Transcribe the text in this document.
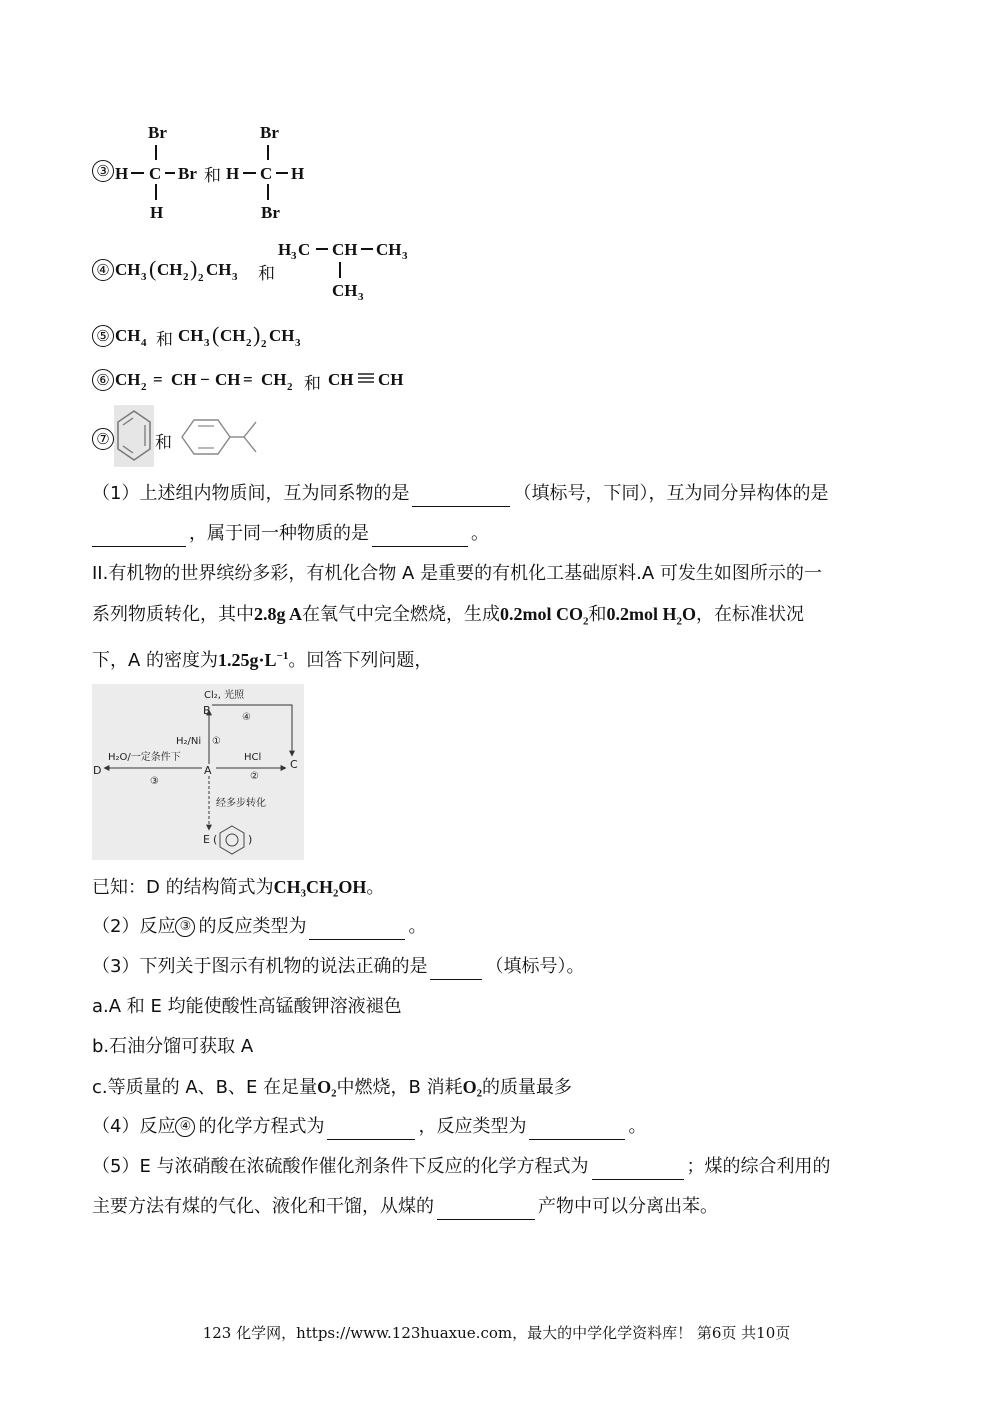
③
Br
H C Br
H
Br
H C H
Br
和
④ CH 3 ( CH 2 ) 2 CH 3 和
H 3 C CH CH 3
CH 3
⑤ CH 4 和 CH 3 ( CH 2 ) 2 CH 3
⑥ CH 2 = CH − CH = CH 2 和 CH CH
⑦	和
（1）上述组内物质间，互为同系物的是	（填标号，下同），互为同分异构体的是
，属于同一种物质的是	。
II.有机物的世界缤纷多彩，有机化合物 A 是重要的有机化工基础原料.A 可发生如图所示的一
系列物质转化，其中2.8g A在氧气中完全燃烧，生成0.2mol $CO_2$和0.2mol $H_2O$，在标准状况
下，A 的密度为$1.25g\cdot L^{-1}$。回答下列问题，
Cl₂, 光照
④
B
H₂/Ni ①
H₂O/一定条件下	HCl
D	A	C
③	②
经多步转化
E (	)
已知：D 的结构简式为CH₃CH₂OH。
（2）反应 ③ 的反应类型为	。
（3）下列关于图示有机物的说法正确的是	（填标号）。
a.A 和 E 均能使酸性高锰酸钾溶液褪色
b.石油分馏可获取 A
c.等质量的 A、B、E 在足量O₂中燃烧，B 消耗O₂的质量最多
（4）反应 ④ 的化学方程式为	，反应类型为	。
（5）E 与浓硝酸在浓硫酸作催化剂条件下反应的化学方程式为	；煤的综合利用的
主要方法有煤的气化、液化和干馏，从煤的	产物中可以分离出苯。
123 化学网，https://www.123huaxue.com，最大的中学化学资料库！ 第6页 共10页
